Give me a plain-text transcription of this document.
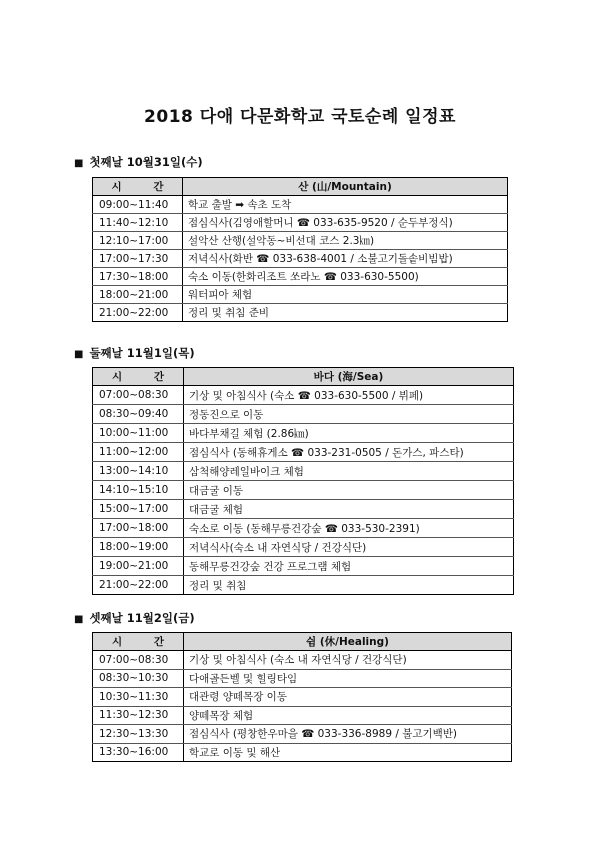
2018 다애 다문화학교 국토순례 일정표
■ 첫째날 10월31일(수)
시 간	산 (山/Mountain)
09:00~11:40	학교 출발 ➡ 속초 도착
11:40~12:10	점심식사(김영애할머니 ☎ 033-635-9520 / 순두부정식)
12:10~17:00	설악산 산행(설악동~비선대 코스 2.3㎞)
17:00~17:30	저녁식사(화반 ☎ 033-638-4001 / 소불고기돌솥비빔밥)
17:30~18:00	숙소 이동(한화리조트 쏘라노 ☎ 033-630-5500)
18:00~21:00	워터피아 체험
21:00~22:00	정리 및 취침 준비
■ 둘째날 11월1일(목)
시 간	바다 (海/Sea)
07:00~08:30	기상 및 아침식사 (숙소 ☎ 033-630-5500 / 뷔페)
08:30~09:40	정동진으로 이동
10:00~11:00	바다부채길 체험 (2.86㎞)
11:00~12:00	점심식사 (동해휴게소 ☎ 033-231-0505 / 돈가스, 파스타)
13:00~14:10	삼척해양레일바이크 체험
14:10~15:10	대금굴 이동
15:00~17:00	대금굴 체험
17:00~18:00	숙소로 이동 (동해무릉건강숲 ☎ 033-530-2391)
18:00~19:00	저녁식사(숙소 내 자연식당 / 건강식단)
19:00~21:00	동해무릉건강숲 건강 프로그램 체험
21:00~22:00	정리 및 취침
■ 셋째날 11월2일(금)
시 간	쉼 (休/Healing)
07:00~08:30	기상 및 아침식사 (숙소 내 자연식당 / 건강식단)
08:30~10:30	다애골든벨 및 힐링타임
10:30~11:30	대관령 양떼목장 이동
11:30~12:30	양떼목장 체험
12:30~13:30	점심식사 (평창한우마을 ☎ 033-336-8989 / 불고기백반)
13:30~16:00	학교로 이동 및 해산
